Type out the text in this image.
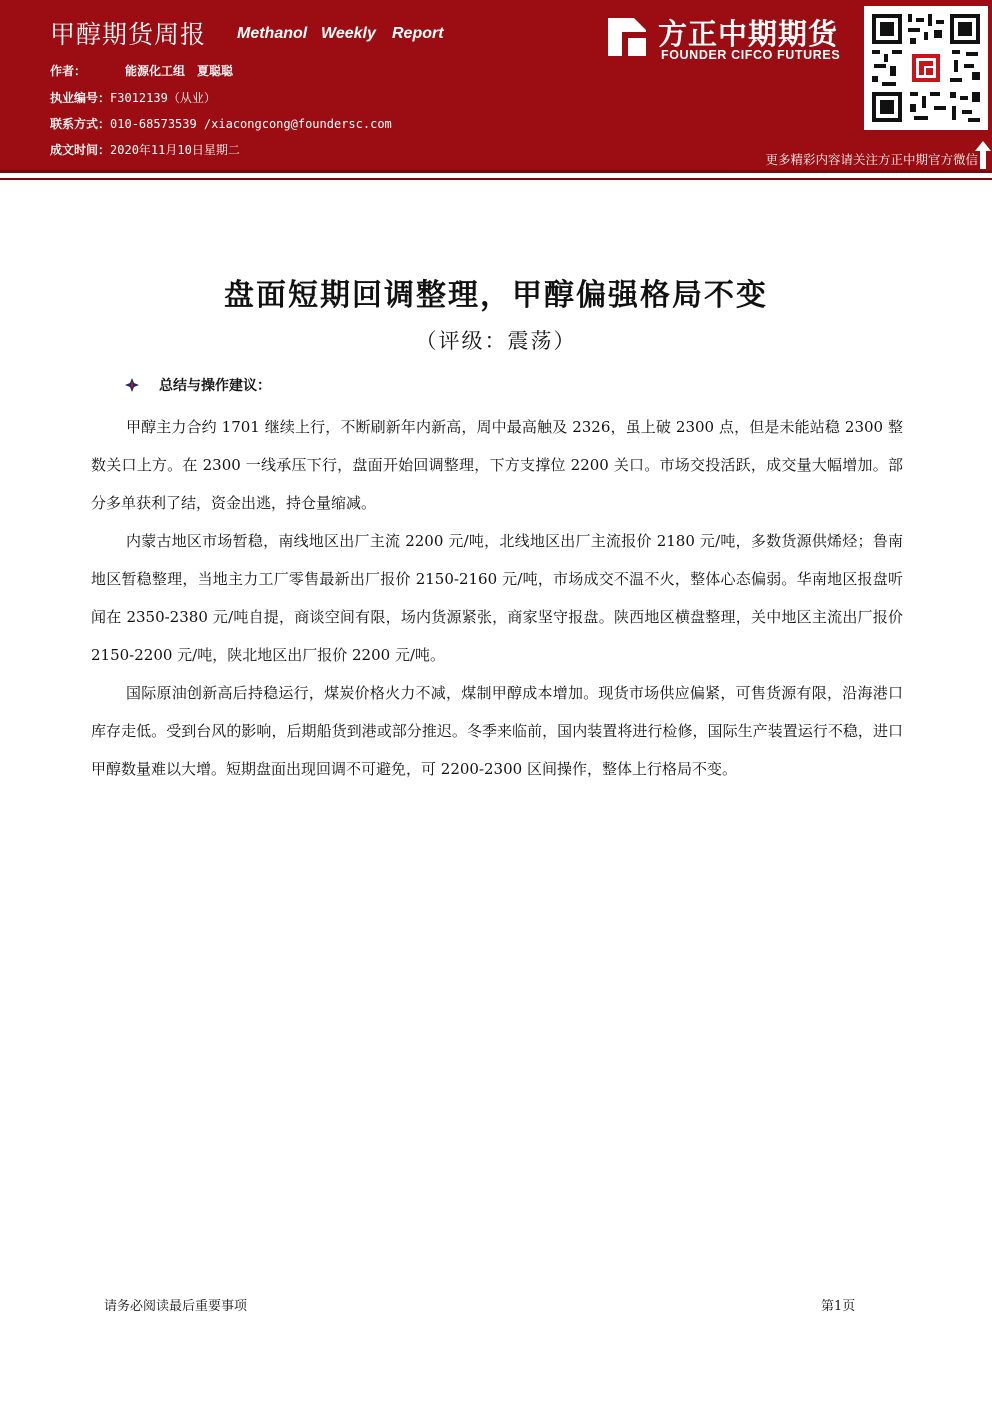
甲醇期货周报 Methanol Weekly Report
作者：	能源化工组　夏聪聪
执业编号：F3012139（从业）
联系方式：010-68573539 /xiacongcong@foundersc.com
成文时间：2020年11月10日星期二
方正中期期货
FOUNDER CIFCO FUTURES
更多精彩内容请关注方正中期官方微信
盘面短期回调整理，甲醇偏强格局不变
（评级：震荡）
总结与操作建议：

甲醇主力合约 1701 继续上行，不断刷新年内新高，周中最高触及 2326，虽上破 2300 点，但是未能站稳 2300 整数关口上方。在 2300 一线承压下行，盘面开始回调整理，下方支撑位 2200 关口。市场交投活跃，成交量大幅增加。部分多单获利了结，资金出逃，持仓量缩减。

内蒙古地区市场暂稳，南线地区出厂主流 2200 元/吨，北线地区出厂主流报价 2180 元/吨，多数货源供烯烃；鲁南地区暂稳整理，当地主力工厂零售最新出厂报价 2150-2160 元/吨，市场成交不温不火，整体心态偏弱。华南地区报盘听闻在 2350-2380 元/吨自提，商谈空间有限，场内货源紧张，商家坚守报盘。陕西地区横盘整理，关中地区主流出厂报价 2150-2200 元/吨，陕北地区出厂报价 2200 元/吨。

国际原油创新高后持稳运行，煤炭价格火力不减，煤制甲醇成本增加。现货市场供应偏紧，可售货源有限，沿海港口库存走低。受到台风的影响，后期船货到港或部分推迟。冬季来临前，国内装置将进行检修，国际生产装置运行不稳，进口甲醇数量难以大增。短期盘面出现回调不可避免，可 2200-2300 区间操作，整体上行格局不变。

请务必阅读最后重要事项	第1页
